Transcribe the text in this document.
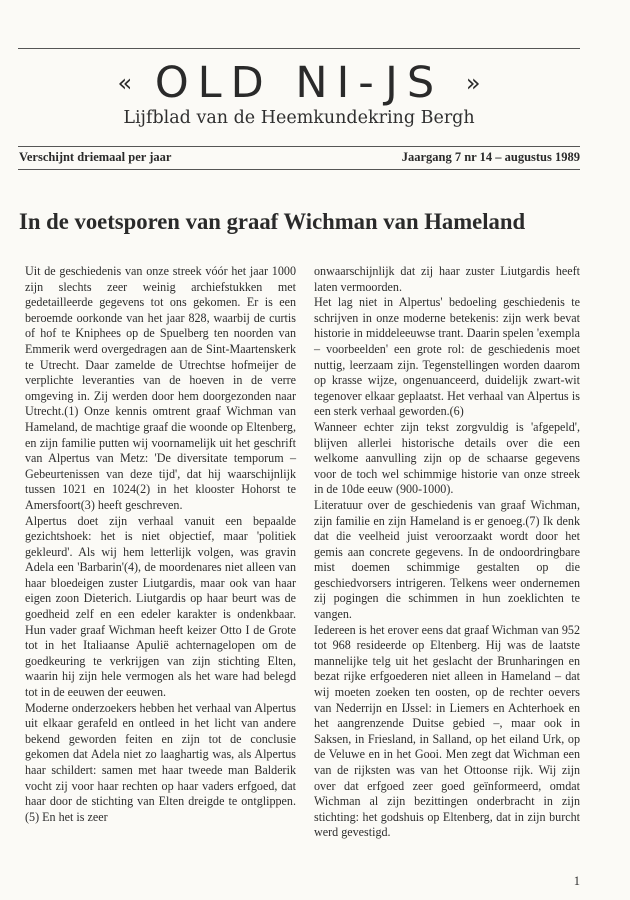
« OLD NI-JS »
Lijfblad van de Heemkundekring Bergh
Verschijnt driemaal per jaar	Jaargang 7 nr 14 – augustus 1989
In de voetsporen van graaf Wichman van Hameland

Uit de geschiedenis van onze streek vóór het jaar 1000 zijn slechts zeer weinig archiefstukken met gedetailleerde gegevens tot ons gekomen. Er is een beroemde oorkonde van het jaar 828, waarbij de curtis of hof te Kniphees op de Spuelberg ten noorden van Emmerik werd overgedragen aan de Sint-Maartenskerk te Utrecht. Daar zamelde de Utrechtse hofmeijer de verplichte leveranties van de hoeven in de verre omgeving in. Zij werden door hem doorgezonden naar Utrecht.(1) Onze kennis omtrent graaf Wichman van Hameland, de machtige graaf die woonde op Eltenberg, en zijn familie putten wij voornamelijk uit het geschrift van Alpertus van Metz: 'De diversitate temporum – Gebeurtenissen van deze tijd', dat hij waarschijnlijk tussen 1021 en 1024(2) in het klooster Hohorst te Amersfoort(3) heeft geschreven.

Alpertus doet zijn verhaal vanuit een bepaalde gezichtshoek: het is niet objectief, maar 'politiek gekleurd'. Als wij hem letterlijk volgen, was gravin Adela een 'Barbarin'(4), de moordenares niet alleen van haar bloedeigen zuster Liutgardis, maar ook van haar eigen zoon Dieterich. Liutgardis op haar beurt was de goedheid zelf en een edeler karakter is ondenkbaar. Hun vader graaf Wichman heeft keizer Otto I de Grote tot in het Italiaanse Apulië achternagelopen om de goedkeuring te verkrijgen van zijn stichting Elten, waarin hij zijn hele vermogen als het ware had belegd tot in de eeuwen der eeuwen.

Moderne onderzoekers hebben het verhaal van Alpertus uit elkaar gerafeld en ontleed in het licht van andere bekend geworden feiten en zijn tot de conclusie gekomen dat Adela niet zo laaghartig was, als Alpertus haar schildert: samen met haar tweede man Balderik vocht zij voor haar rechten op haar vaders erfgoed, dat haar door de stichting van Elten dreigde te ontglippen.(5) En het is zeer

onwaarschijnlijk dat zij haar zuster Liutgardis heeft laten vermoorden.

Het lag niet in Alpertus' bedoeling geschiedenis te schrijven in onze moderne betekenis: zijn werk bevat historie in middeleeuwse trant. Daarin spelen 'exempla – voorbeelden' een grote rol: de geschiedenis moet nuttig, leerzaam zijn. Tegenstellingen worden daarom op krasse wijze, ongenuanceerd, duidelijk zwart-wit tegenover elkaar geplaatst. Het verhaal van Alpertus is een sterk verhaal geworden.(6)

Wanneer echter zijn tekst zorgvuldig is 'afgepeld', blijven allerlei historische details over die een welkome aanvulling zijn op de schaarse gegevens voor de toch wel schimmige historie van onze streek in de 10de eeuw (900-1000).

Literatuur over de geschiedenis van graaf Wichman, zijn familie en zijn Hameland is er genoeg.(7) Ik denk dat die veelheid juist veroorzaakt wordt door het gemis aan concrete gegevens. In de ondoordringbare mist doemen schimmige gestalten op die geschiedvorsers intrigeren. Telkens weer ondernemen zij pogingen die schimmen in hun zoeklichten te vangen.

Iedereen is het erover eens dat graaf Wichman van 952 tot 968 resideerde op Eltenberg. Hij was de laatste mannelijke telg uit het geslacht der Brunharingen en bezat rijke erfgoederen niet alleen in Hameland – dat wij moeten zoeken ten oosten, op de rechter oevers van Nederrijn en IJssel: in Liemers en Achterhoek en het aangrenzende Duitse gebied –, maar ook in Saksen, in Friesland, in Salland, op het eiland Urk, op de Veluwe en in het Gooi. Men zegt dat Wichman een van de rijksten was van het Ottoonse rijk. Wij zijn over dat erfgoed zeer goed geïnformeerd, omdat Wichman al zijn bezittingen onderbracht in zijn stichting: het godshuis op Eltenberg, dat in zijn burcht werd gevestigd.

1
